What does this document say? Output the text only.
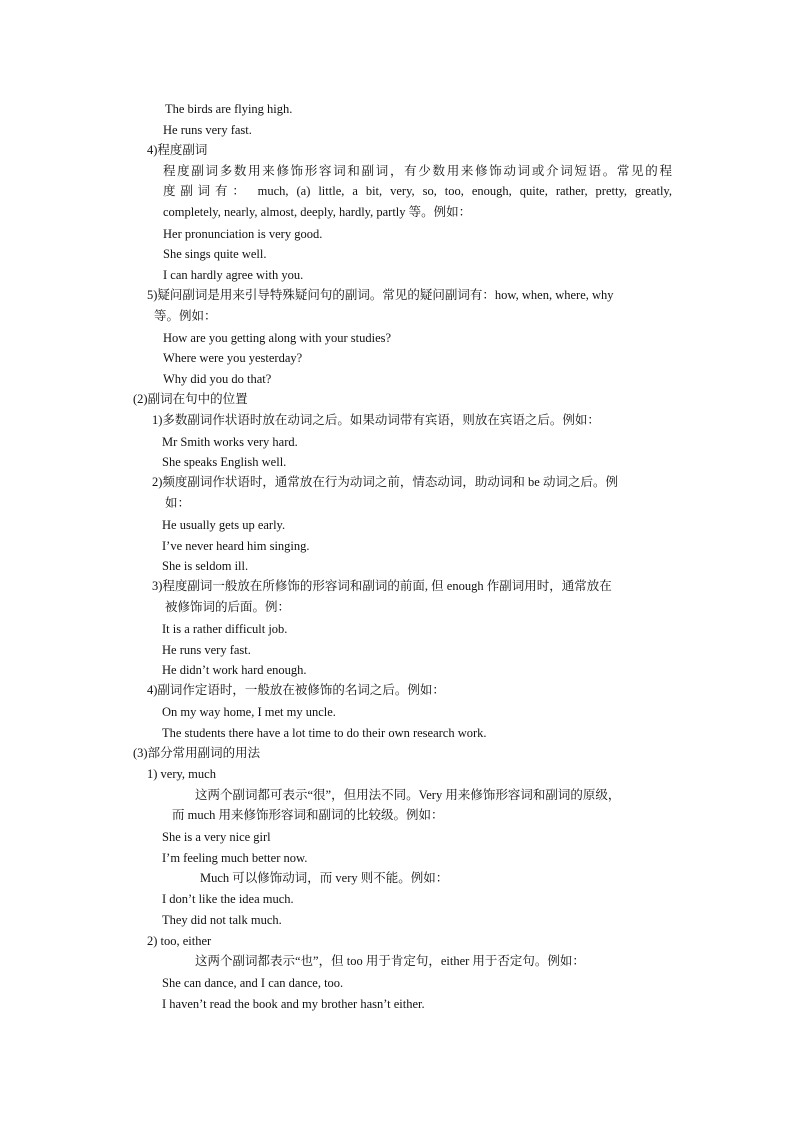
The birds are flying high.
He runs very fast.
4)程度副词
程度副词多数用来修饰形容词和副词，有少数用来修饰动词或介词短语。常见的程
度副词有： much, (a) little, a bit, very, so, too, enough, quite, rather, pretty, greatly,
completely, nearly, almost, deeply, hardly, partly 等。例如：
Her pronunciation is very good.
She sings quite well.
I can hardly agree with you.
5)疑问副词是用来引导特殊疑问句的副词。常见的疑问副词有：how, when, where, why
等。例如：
How are you getting along with your studies?
Where were you yesterday?
Why did you do that?
(2)副词在句中的位置
1)多数副词作状语时放在动词之后。如果动词带有宾语，则放在宾语之后。例如：
Mr Smith works very hard.
She speaks English well.
2)频度副词作状语时，通常放在行为动词之前，情态动词，助动词和 be 动词之后。例
如：
He usually gets up early.
I’ve never heard him singing.
She is seldom ill.
3)程度副词一般放在所修饰的形容词和副词的前面, 但 enough 作副词用时，通常放在
被修饰词的后面。例：
It is a rather difficult job.
He runs very fast.
He didn’t work hard enough.
4)副词作定语时，一般放在被修饰的名词之后。例如：
On my way home, I met my uncle.
The students there have a lot time to do their own research work.
(3)部分常用副词的用法
1) very, much
这两个副词都可表示“很”，但用法不同。Very 用来修饰形容词和副词的原级，
而 much 用来修饰形容词和副词的比较级。例如：
She is a very nice girl
I’m feeling much better now.
Much 可以修饰动词，而 very 则不能。例如：
I don’t like the idea much.
They did not talk much.
2) too, either
这两个副词都表示“也”，但 too 用于肯定句，either 用于否定句。例如：
She can dance, and I can dance, too.
I haven’t read the book and my brother hasn’t either.
